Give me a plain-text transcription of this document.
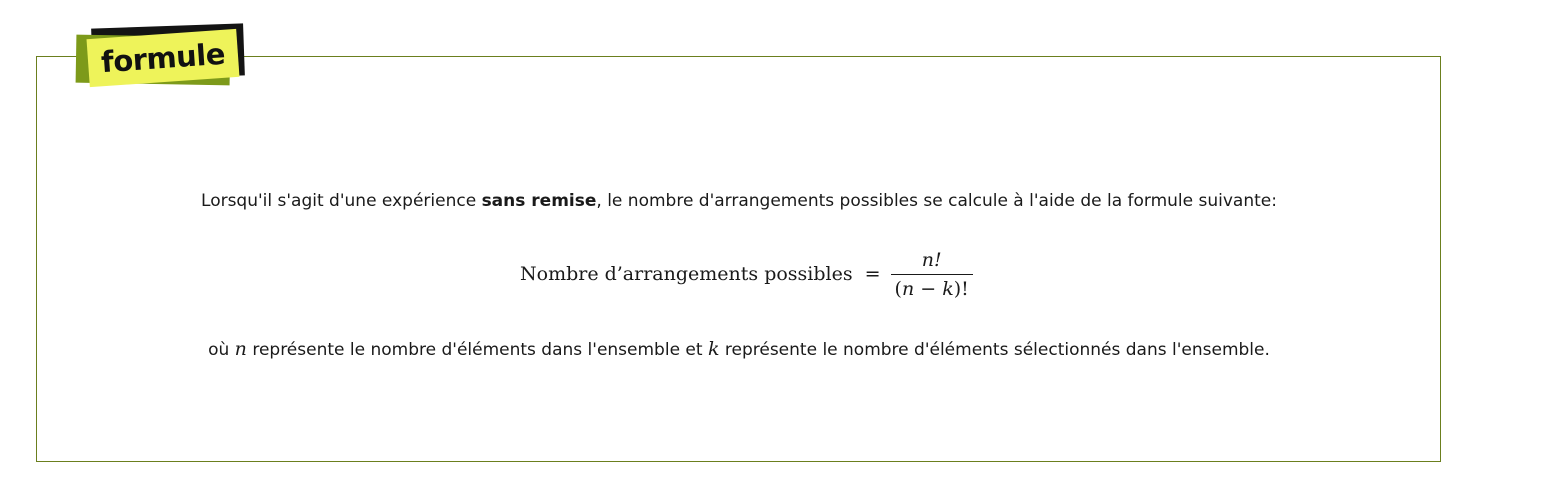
formule
Lorsqu'il s'agit d'une expérience sans remise, le nombre d'arrangements possibles se calcule à l'aide de la formule suivante:
Nombre d’arrangements possibles = $\frac{n!}{(n - k)!}$
où n représente le nombre d'éléments dans l'ensemble et k représente le nombre d'éléments sélectionnés dans l'ensemble.
